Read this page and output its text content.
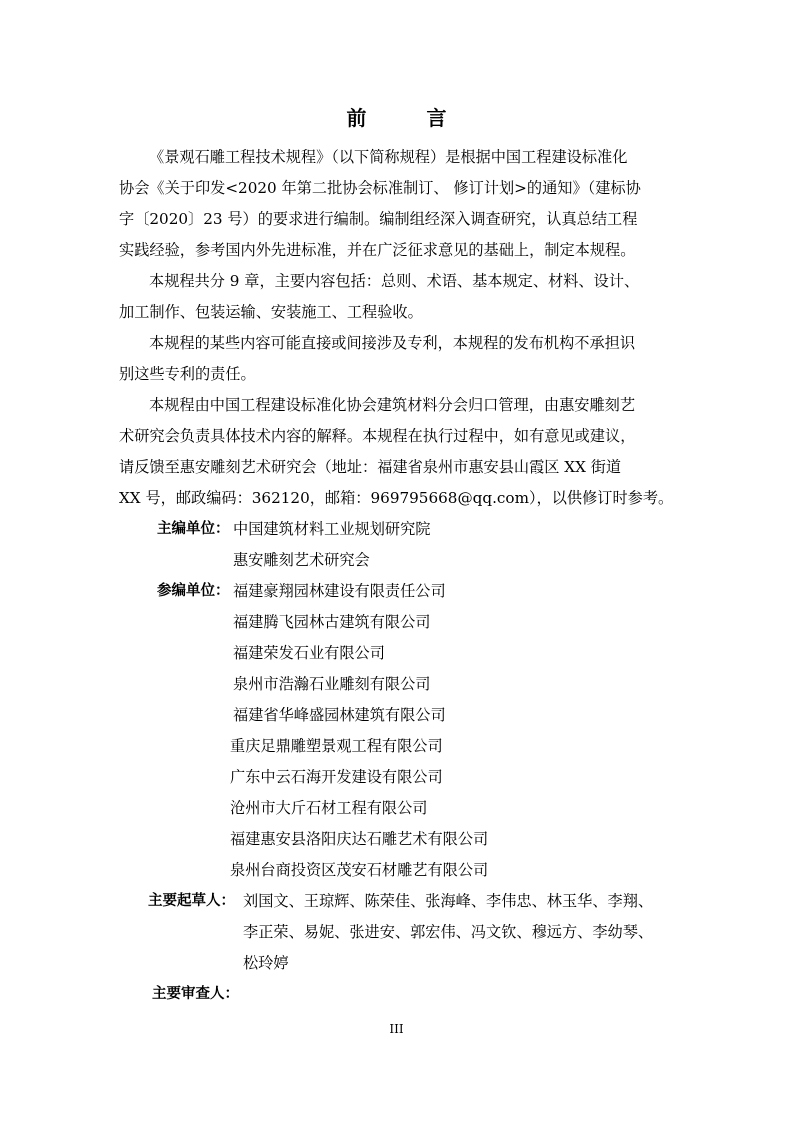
前　言
《景观石雕工程技术规程》（以下简称规程）是根据中国工程建设标准化
协会《关于印发<2020 年第二批协会标准制订、 修订计划>的通知》（建标协
字〔2020〕23 号）的要求进行编制。编制组经深入调查研究，认真总结工程
实践经验，参考国内外先进标准，并在广泛征求意见的基础上，制定本规程。
本规程共分 9 章，主要内容包括：总则、术语、基本规定、材料、设计、
加工制作、包装运输、安装施工、工程验收。
本规程的某些内容可能直接或间接涉及专利，本规程的发布机构不承担识
别这些专利的责任。
本规程由中国工程建设标准化协会建筑材料分会归口管理，由惠安雕刻艺
术研究会负责具体技术内容的解释。本规程在执行过程中，如有意见或建议，
请反馈至惠安雕刻艺术研究会（地址：福建省泉州市惠安县山霞区 XX 街道
XX 号，邮政编码：362120，邮箱：969795668@qq.com），以供修订时参考。
主编单位： 中国建筑材料工业规划研究院
惠安雕刻艺术研究会
参编单位： 福建豪翔园林建设有限责任公司
福建腾飞园林古建筑有限公司
福建荣发石业有限公司
泉州市浩瀚石业雕刻有限公司
福建省华峰盛园林建筑有限公司
重庆足鼎雕塑景观工程有限公司
广东中云石海开发建设有限公司
沧州市大斤石材工程有限公司
福建惠安县洛阳庆达石雕艺术有限公司
泉州台商投资区茂安石材雕艺有限公司
主要起草人： 刘国文、王琼辉、陈荣佳、张海峰、李伟忠、林玉华、李翔、
李正荣、易妮、张进安、郭宏伟、冯文钦、穆远方、李幼琴、
松玲婷
主要审查人：
III
